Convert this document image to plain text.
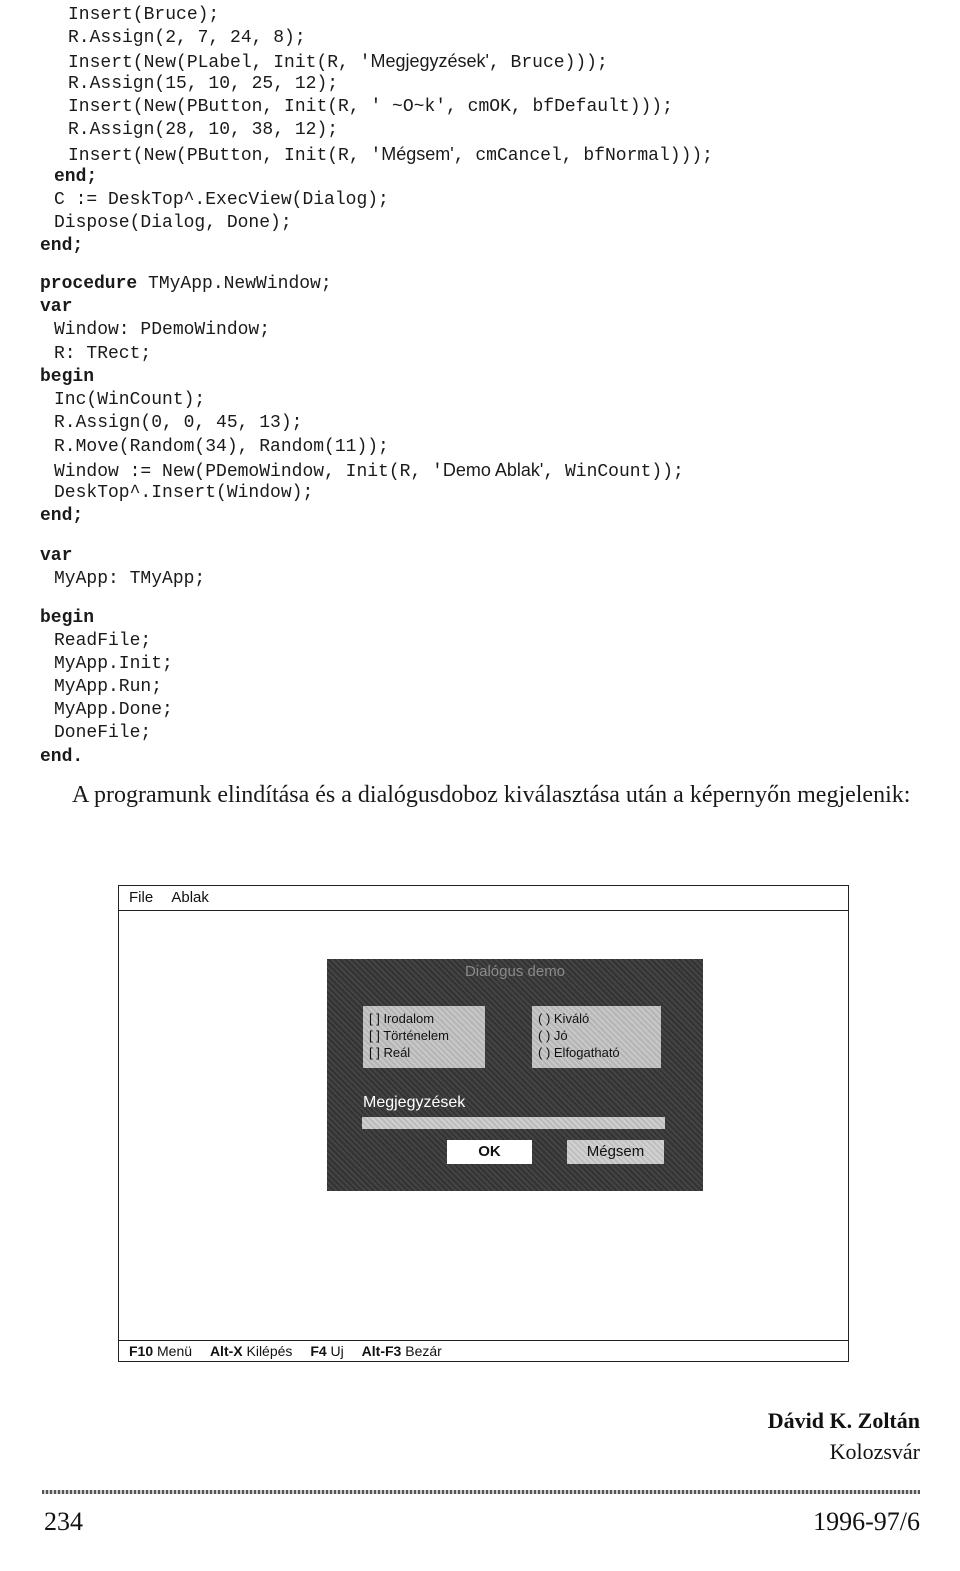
Insert(Bruce);
R.Assign(2, 7, 24, 8);
Insert(New(PLabel, Init(R, 'Megjegyzések', Bruce)));
R.Assign(15, 10, 25, 12);
Insert(New(PButton, Init(R, ' ~O~k', cmOK, bfDefault)));
R.Assign(28, 10, 38, 12);
Insert(New(PButton, Init(R, 'Mégsem', cmCancel, bfNormal)));
end;
C := DeskTop^.ExecView(Dialog);
Dispose(Dialog, Done);
end;
procedure TMyApp.NewWindow;
var
Window: PDemoWindow;
R: TRect;
begin
Inc(WinCount);
R.Assign(0, 0, 45, 13);
R.Move(Random(34), Random(11));
Window := New(PDemoWindow, Init(R, 'Demo Ablak', WinCount));
DeskTop^.Insert(Window);
end;
var
MyApp: TMyApp;
begin
ReadFile;
MyApp.Init;
MyApp.Run;
MyApp.Done;
DoneFile;
end.
A programunk elindítása és a dialógusdoboz kiválasztása után a képernyőn megjelenik:
File Ablak
Dialógus demo
[ ] Irodalom
[ ] Történelem
[ ] Reál
( ) Kiváló
( ) Jó
( ) Elfogatható
Megjegyzések
OK	Mégsem
F10 Menü Alt-X Kilépés F4 Uj Alt-F3 Bezár
Dávid K. Zoltán
Kolozsvár
234	1996-97/6
